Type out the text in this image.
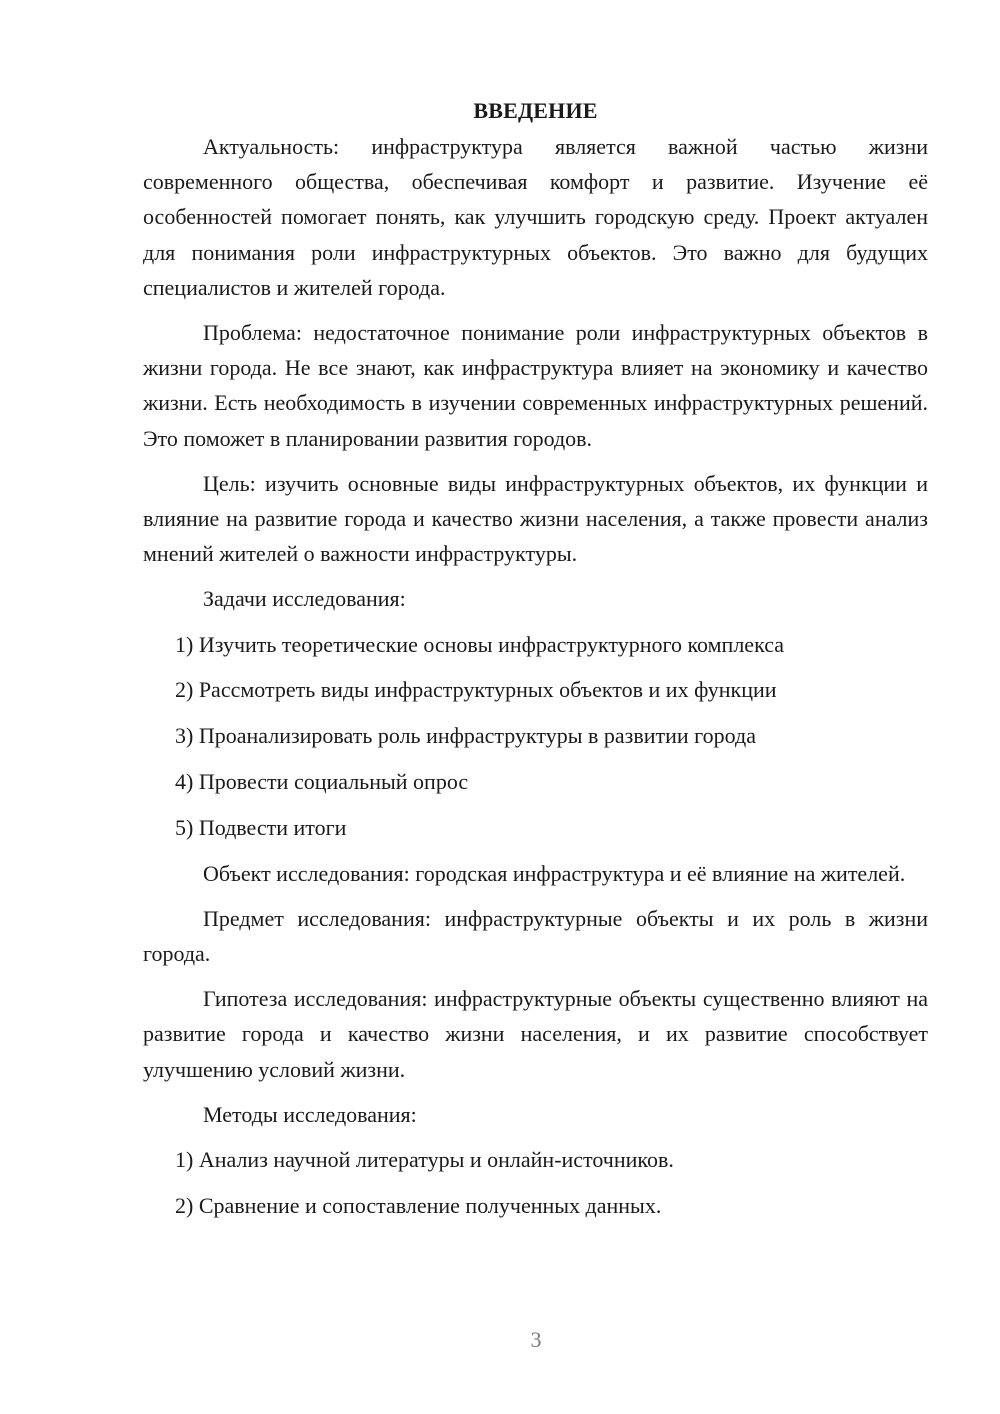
ВВЕДЕНИЕ

Актуальность: инфраструктура является важной частью жизни современного общества, обеспечивая комфорт и развитие. Изучение её особенностей помогает понять, как улучшить городскую среду. Проект актуален для понимания роли инфраструктурных объектов. Это важно для будущих специалистов и жителей города.

Проблема: недостаточное понимание роли инфраструктурных объектов в жизни города. Не все знают, как инфраструктура влияет на экономику и качество жизни. Есть необходимость в изучении современных инфраструктурных решений. Это поможет в планировании развития городов.

Цель: изучить основные виды инфраструктурных объектов, их функции и влияние на развитие города и качество жизни населения, а также провести анализ мнений жителей о важности инфраструктуры.

Задачи исследования:

1) Изучить теоретические основы инфраструктурного комплекса
2) Рассмотреть виды инфраструктурных объектов и их функции
3) Проанализировать роль инфраструктуры в развитии города
4) Провести социальный опрос
5) Подвести итоги

Объект исследования: городская инфраструктура и её влияние на жителей.

Предмет исследования: инфраструктурные объекты и их роль в жизни города.

Гипотеза исследования: инфраструктурные объекты существенно влияют на развитие города и качество жизни населения, и их развитие способствует улучшению условий жизни.

Методы исследования:

1) Анализ научной литературы и онлайн-источников.
2) Сравнение и сопоставление полученных данных.
3
